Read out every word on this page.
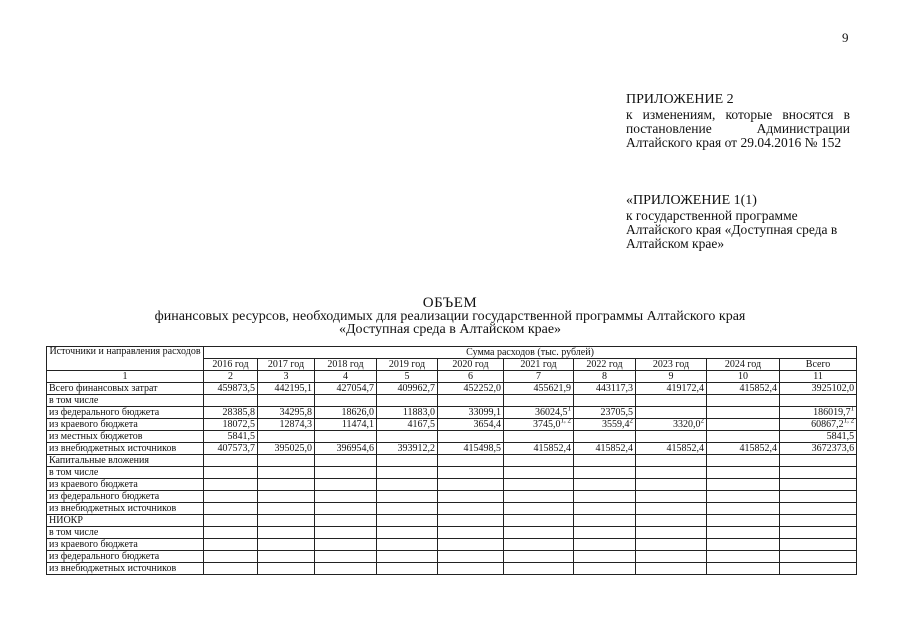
9
ПРИЛОЖЕНИЕ 2
к изменениям, которые вносятся в постановление Администрации Алтайского края от 29.04.2016 № 152
«ПРИЛОЖЕНИЕ 1(1)
к государственной программе Алтайского края «Доступная среда в Алтайском крае»
ОБЪЕМ
финансовых ресурсов, необходимых для реализации государственной программы Алтайского края
«Доступная среда в Алтайском крае»
Источники и направления расходов	Сумма расходов (тыс. рублей)									
	2016 год	2017 год	2018 год	2019 год	2020 год	2021 год	2022 год	2023 год	2024 год	Всего
1	2	3	4	5	6	7	8	9	10	11
Всего финансовых затрат	459873,5	442195,1	427054,7	409962,7	452252,0	455621,9	443117,3	419172,4	415852,4	3925102,0
в том числе										
из федерального бюджета	28385,8	34295,8	18626,0	11883,0	33099,1	36024,5$^1$	23705,5			186019,7$^1$
из краевого бюджета	18072,5	12874,3	11474,1	4167,5	3654,4	3745,0$^{1, 2}$	3559,4$^2$	3320,0$^2$		60867,2$^{1, 2}$
из местных бюджетов	5841,5									5841,5
из внебюджетных источников	407573,7	395025,0	396954,6	393912,2	415498,5	415852,4	415852,4	415852,4	415852,4	3672373,6
Капитальные вложения										
в том числе										
из краевого бюджета										
из федерального бюджета										
из внебюджетных источников										
НИОКР										
в том числе										
из краевого бюджета										
из федерального бюджета										
из внебюджетных источников										
